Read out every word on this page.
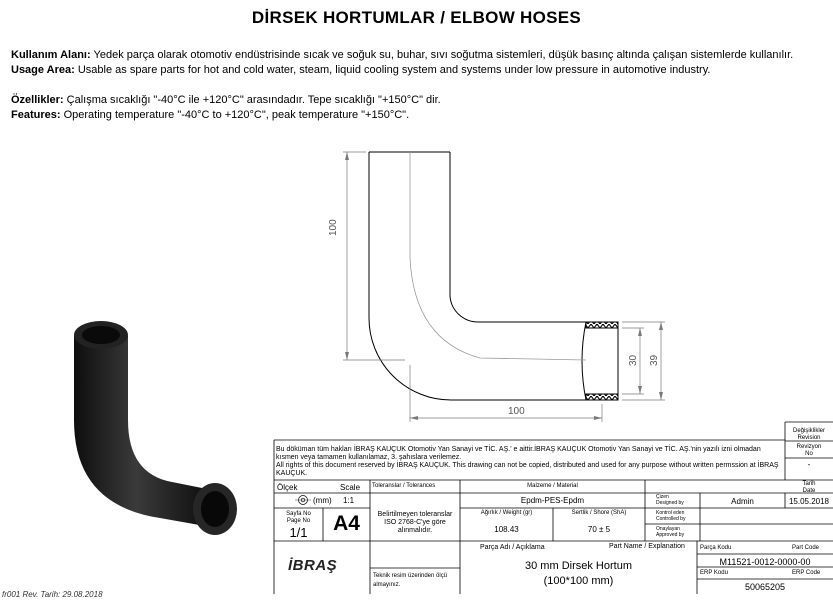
DİRSEK HORTUMLAR / ELBOW HOSES
Kullanım Alanı: Yedek parça olarak otomotiv endüstrisinde sıcak ve soğuk su, buhar, sıvı soğutma sistemleri, düşük basınç altında çalışan sistemlerde kullanılır.
Usage Area: Usable as spare parts for hot and cold water, steam, liquid cooling system and systems under low pressure in automotive industry.
Özellikler: Çalışma sıcaklığı "-40°C ile +120°C" arasındadır. Tepe sıcaklığı "+150°C" dir.
Features: Operating temperature "-40°C to +120°C", peak temperature "+150°C".
100
100
30 39
Bu döküman tüm hakları İBRAŞ KAUÇUK Otomotiv Yan Sanayi ve TİC. AŞ.' e aittir.İBRAŞ KAUÇUK Otomotiv Yan Sanayi ve TİC. AŞ.'nin yazılı izni olmadan kısmen veya tamamen kullanılamaz, 3. şahıslara verilemez.
All rights of this document reserved by İBRAŞ KAUÇUK. This drawing can not be copied, distributed and used for any purpose without written permssion at İBRAŞ KAUÇUK.
Değişiklikler
Revision
Revizyon
No
-
Tarih
Date
Ölçek	Scale
(mm) 1:1
Toleranslar / Tolerances
Belirtilmeyen toleranslar ISO 2768-C'ye göre alınmalıdır.
Sayfa No
Page No
1/1	A4
Malzeme / Material
Epdm-PES-Epdm
Ağırlık / Weight (gr)
108.43
Sertlik / Shore (ShA)
70 ± 5
Çizen
Designed by	Admin	15.05.2018
Kontrol eden
Controlled by
Onaylayan
Approved by
Parça Adı / Açıklama	Part Name / Explanation
30 mm Dirsek Hortum
(100*100 mm)
Parça Kodu	Part Code
M11521-0012-0000-00
ERP Kodu	ERP Code
50065205
Teknik resim üzerinden ölçü almayınız.
İBRAŞ
fr001 Rev. Tarih: 29.08.2018
